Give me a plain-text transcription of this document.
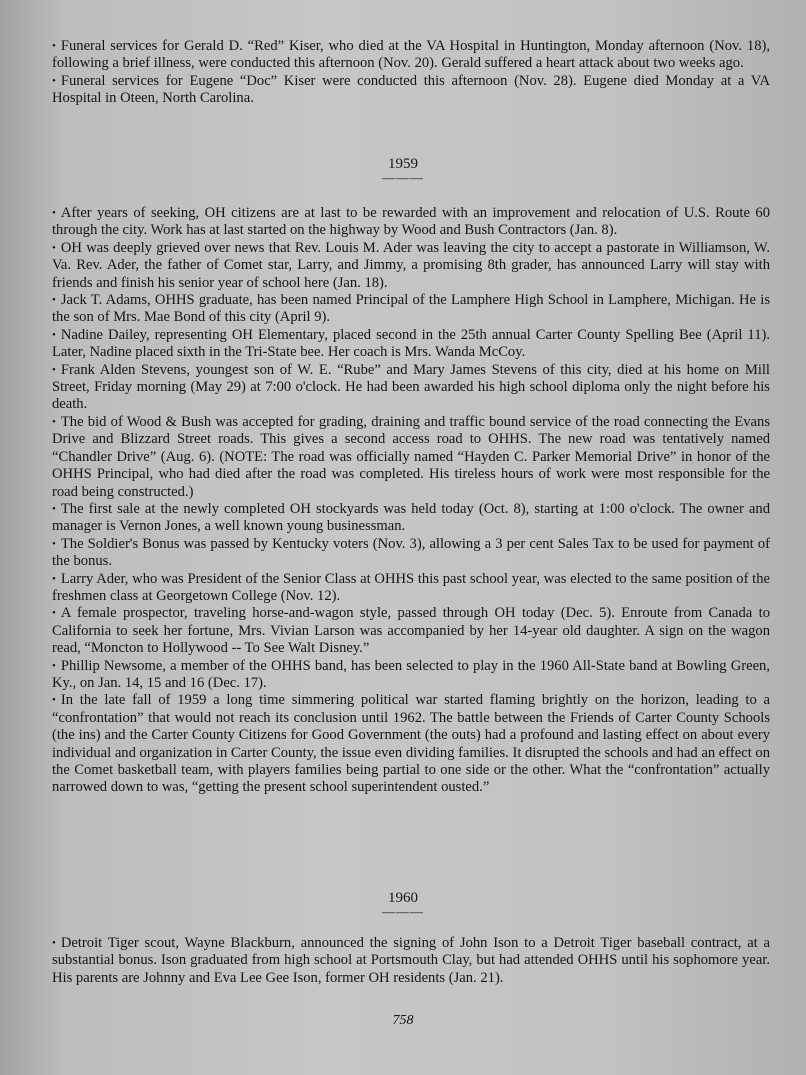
• Funeral services for Gerald D. “Red” Kiser, who died at the VA Hospital in Huntington, Monday afternoon (Nov. 18), following a brief illness, were conducted this afternoon (Nov. 20). Gerald suffered a heart attack about two weeks ago.

• Funeral services for Eugene “Doc” Kiser were conducted this afternoon (Nov. 28). Eugene died Monday at a VA Hospital in Oteen, North Carolina.

1959
———

• After years of seeking, OH citizens are at last to be rewarded with an improvement and relocation of U.S. Route 60 through the city. Work has at last started on the highway by Wood and Bush Contractors (Jan. 8).

• OH was deeply grieved over news that Rev. Louis M. Ader was leaving the city to accept a pastorate in Williamson, W. Va. Rev. Ader, the father of Comet star, Larry, and Jimmy, a promising 8th grader, has announced Larry will stay with friends and finish his senior year of school here (Jan. 18).

• Jack T. Adams, OHHS graduate, has been named Principal of the Lamphere High School in Lamphere, Michigan. He is the son of Mrs. Mae Bond of this city (April 9).

• Nadine Dailey, representing OH Elementary, placed second in the 25th annual Carter County Spelling Bee (April 11). Later, Nadine placed sixth in the Tri-State bee. Her coach is Mrs. Wanda McCoy.

• Frank Alden Stevens, youngest son of W. E. “Rube” and Mary James Stevens of this city, died at his home on Mill Street, Friday morning (May 29) at 7:00 o'clock. He had been awarded his high school diploma only the night before his death.

• The bid of Wood & Bush was accepted for grading, draining and traffic bound service of the road connecting the Evans Drive and Blizzard Street roads. This gives a second access road to OHHS. The new road was tentatively named “Chandler Drive” (Aug. 6). (NOTE: The road was officially named “Hayden C. Parker Memorial Drive” in honor of the OHHS Principal, who had died after the road was completed. His tireless hours of work were most responsible for the road being constructed.)

• The first sale at the newly completed OH stockyards was held today (Oct. 8), starting at 1:00 o'clock. The owner and manager is Vernon Jones, a well known young businessman.

• The Soldier's Bonus was passed by Kentucky voters (Nov. 3), allowing a 3 per cent Sales Tax to be used for payment of the bonus.

• Larry Ader, who was President of the Senior Class at OHHS this past school year, was elected to the same position of the freshmen class at Georgetown College (Nov. 12).

• A female prospector, traveling horse-and-wagon style, passed through OH today (Dec. 5). Enroute from Canada to California to seek her fortune, Mrs. Vivian Larson was accompanied by her 14-year old daughter. A sign on the wagon read, “Moncton to Hollywood -- To See Walt Disney.”

• Phillip Newsome, a member of the OHHS band, has been selected to play in the 1960 All-State band at Bowling Green, Ky., on Jan. 14, 15 and 16 (Dec. 17).

• In the late fall of 1959 a long time simmering political war started flaming brightly on the horizon, leading to a “confrontation” that would not reach its conclusion until 1962. The battle between the Friends of Carter County Schools (the ins) and the Carter County Citizens for Good Government (the outs) had a profound and lasting effect on about every individual and organization in Carter County, the issue even dividing families. It disrupted the schools and had an effect on the Comet basketball team, with players families being partial to one side or the other. What the “confrontation” actually narrowed down to was, “getting the present school superintendent ousted.”

1960
———

• Detroit Tiger scout, Wayne Blackburn, announced the signing of John Ison to a Detroit Tiger baseball contract, at a substantial bonus. Ison graduated from high school at Portsmouth Clay, but had attended OHHS until his sophomore year. His parents are Johnny and Eva Lee Gee Ison, former OH residents (Jan. 21).

758
